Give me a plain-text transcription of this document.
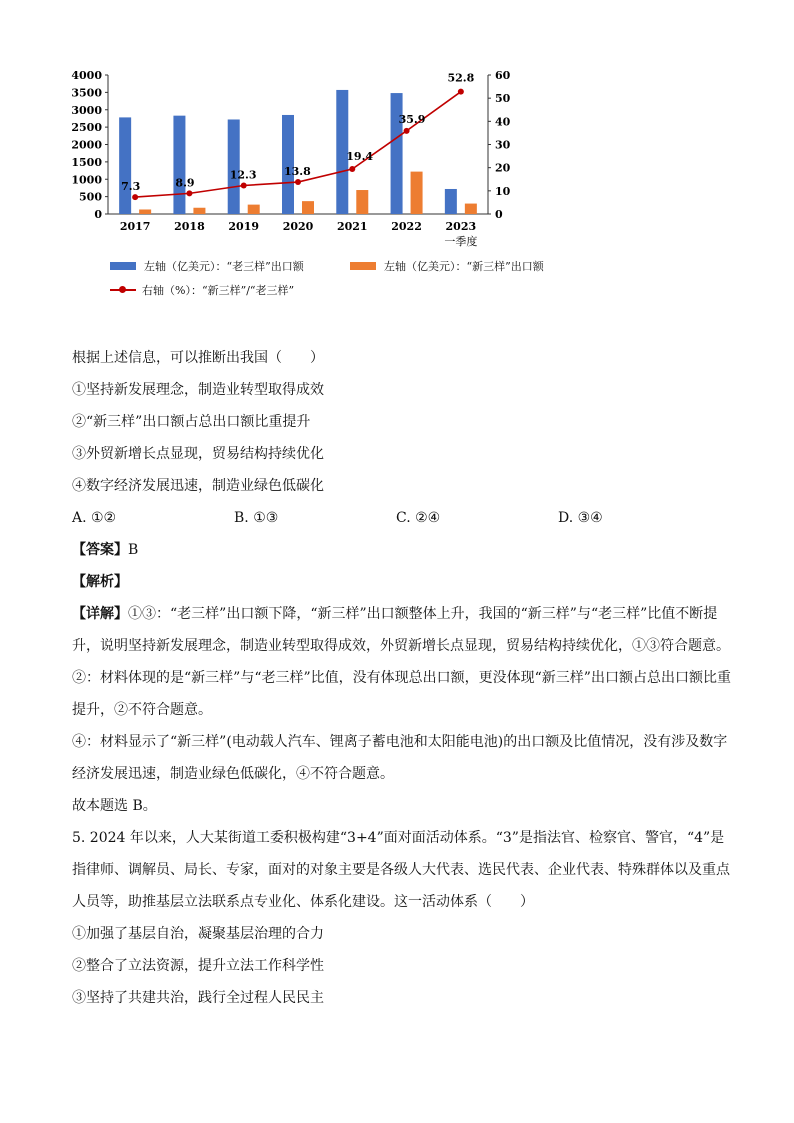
0
500
1000
1500
2000
2500
3000
3500
4000
0
10
20
30
40
50
60
2017 2018 2019 2020 2021 2022 2023
一季度
7.3	8.9
12.3 13.8
19.4
35.9
52.8
左轴（亿美元）：“老三样”出口额	左轴（亿美元）：“新三样”出口额
右轴（%）：“新三样”/“老三样”
根据上述信息，可以推断出我国（　　）
①坚持新发展理念，制造业转型取得成效
②“新三样”出口额占总出口额比重提升
③外贸新增长点显现，贸易结构持续优化
④数字经济发展迅速，制造业绿色低碳化
A. ①②	B. ①③	C. ②④	D. ③④
【答案】B
【解析】
【详解】①③：“老三样”出口额下降，“新三样”出口额整体上升，我国的“新三样”与“老三样”比值不断提升，说明坚持新发展理念，制造业转型取得成效，外贸新增长点显现，贸易结构持续优化，①③符合题意。
②：材料体现的是“新三样”与“老三样”比值，没有体现总出口额，更没体现“新三样”出口额占总出口额比重提升，②不符合题意。
④：材料显示了“新三样”(电动载人汽车、锂离子蓄电池和太阳能电池)的出口额及比值情况，没有涉及数字经济发展迅速，制造业绿色低碳化，④不符合题意。
故本题选 B。
5. 2024 年以来，人大某街道工委积极构建“3+4”面对面活动体系。“3”是指法官、检察官、警官，“4”是指律师、调解员、局长、专家，面对的对象主要是各级人大代表、选民代表、企业代表、特殊群体以及重点人员等，助推基层立法联系点专业化、体系化建设。这一活动体系（　　）
①加强了基层自治，凝聚基层治理的合力
②整合了立法资源，提升立法工作科学性
③坚持了共建共治，践行全过程人民民主
